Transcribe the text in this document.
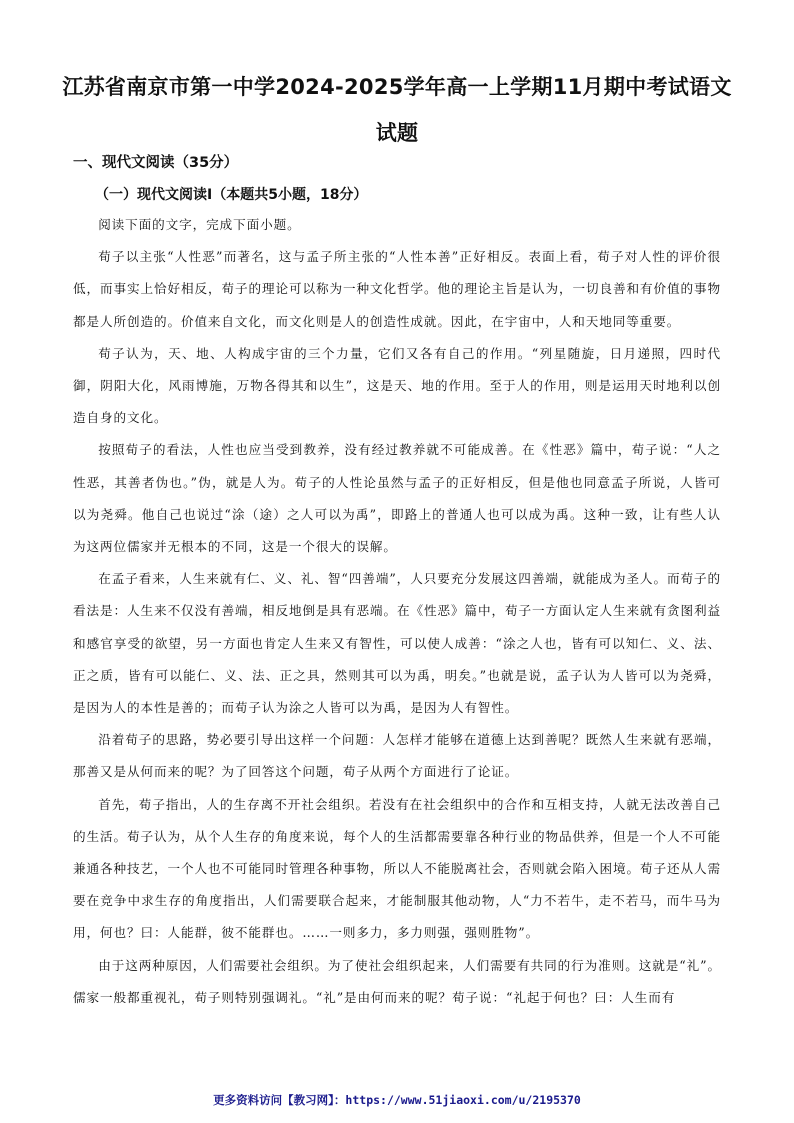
江苏省南京市第一中学2024-2025学年高一上学期11月期中考试语文试题
一、现代文阅读（35分）
（一）现代文阅读Ⅰ（本题共5小题，18分）

阅读下面的文字，完成下面小题。

荀子以主张“人性恶”而著名，这与孟子所主张的“人性本善”正好相反。表面上看，荀子对人性的评价很低，而事实上恰好相反，荀子的理论可以称为一种文化哲学。他的理论主旨是认为，一切良善和有价值的事物都是人所创造的。价值来自文化，而文化则是人的创造性成就。因此，在宇宙中，人和天地同等重要。

荀子认为，天、地、人构成宇宙的三个力量，它们又各有自己的作用。“列星随旋，日月递照，四时代御，阴阳大化，风雨博施，万物各得其和以生”，这是天、地的作用。至于人的作用，则是运用天时地利以创造自身的文化。

按照荀子的看法，人性也应当受到教养，没有经过教养就不可能成善。在《性恶》篇中，荀子说：“人之性恶，其善者伪也。”伪，就是人为。荀子的人性论虽然与孟子的正好相反，但是他也同意孟子所说，人皆可以为尧舜。他自己也说过“涂（途）之人可以为禹”，即路上的普通人也可以成为禹。这种一致，让有些人认为这两位儒家并无根本的不同，这是一个很大的误解。

在孟子看来，人生来就有仁、义、礼、智“四善端”，人只要充分发展这四善端，就能成为圣人。而荀子的看法是：人生来不仅没有善端，相反地倒是具有恶端。在《性恶》篇中，荀子一方面认定人生来就有贪图利益和感官享受的欲望，另一方面也肯定人生来又有智性，可以使人成善：“涂之人也，皆有可以知仁、义、法、正之质，皆有可以能仁、义、法、正之具，然则其可以为禹，明矣。”也就是说，孟子认为人皆可以为尧舜，是因为人的本性是善的；而荀子认为涂之人皆可以为禹，是因为人有智性。

沿着荀子的思路，势必要引导出这样一个问题：人怎样才能够在道德上达到善呢？既然人生来就有恶端，那善又是从何而来的呢？为了回答这个问题，荀子从两个方面进行了论证。

首先，荀子指出，人的生存离不开社会组织。若没有在社会组织中的合作和互相支持，人就无法改善自己的生活。荀子认为，从个人生存的角度来说，每个人的生活都需要靠各种行业的物品供养，但是一个人不可能兼通各种技艺，一个人也不可能同时管理各种事物，所以人不能脱离社会，否则就会陷入困境。荀子还从人需要在竞争中求生存的角度指出，人们需要联合起来，才能制服其他动物，人“力不若牛，走不若马，而牛马为用，何也？曰：人能群，彼不能群也。……一则多力，多力则强，强则胜物”。

由于这两种原因，人们需要社会组织。为了使社会组织起来，人们需要有共同的行为准则。这就是“礼”。儒家一般都重视礼，荀子则特别强调礼。“礼”是由何而来的呢？荀子说：“礼起于何也？曰：人生而有

更多资料访问【教习网】：https://www.51jiaoxi.com/u/2195370
